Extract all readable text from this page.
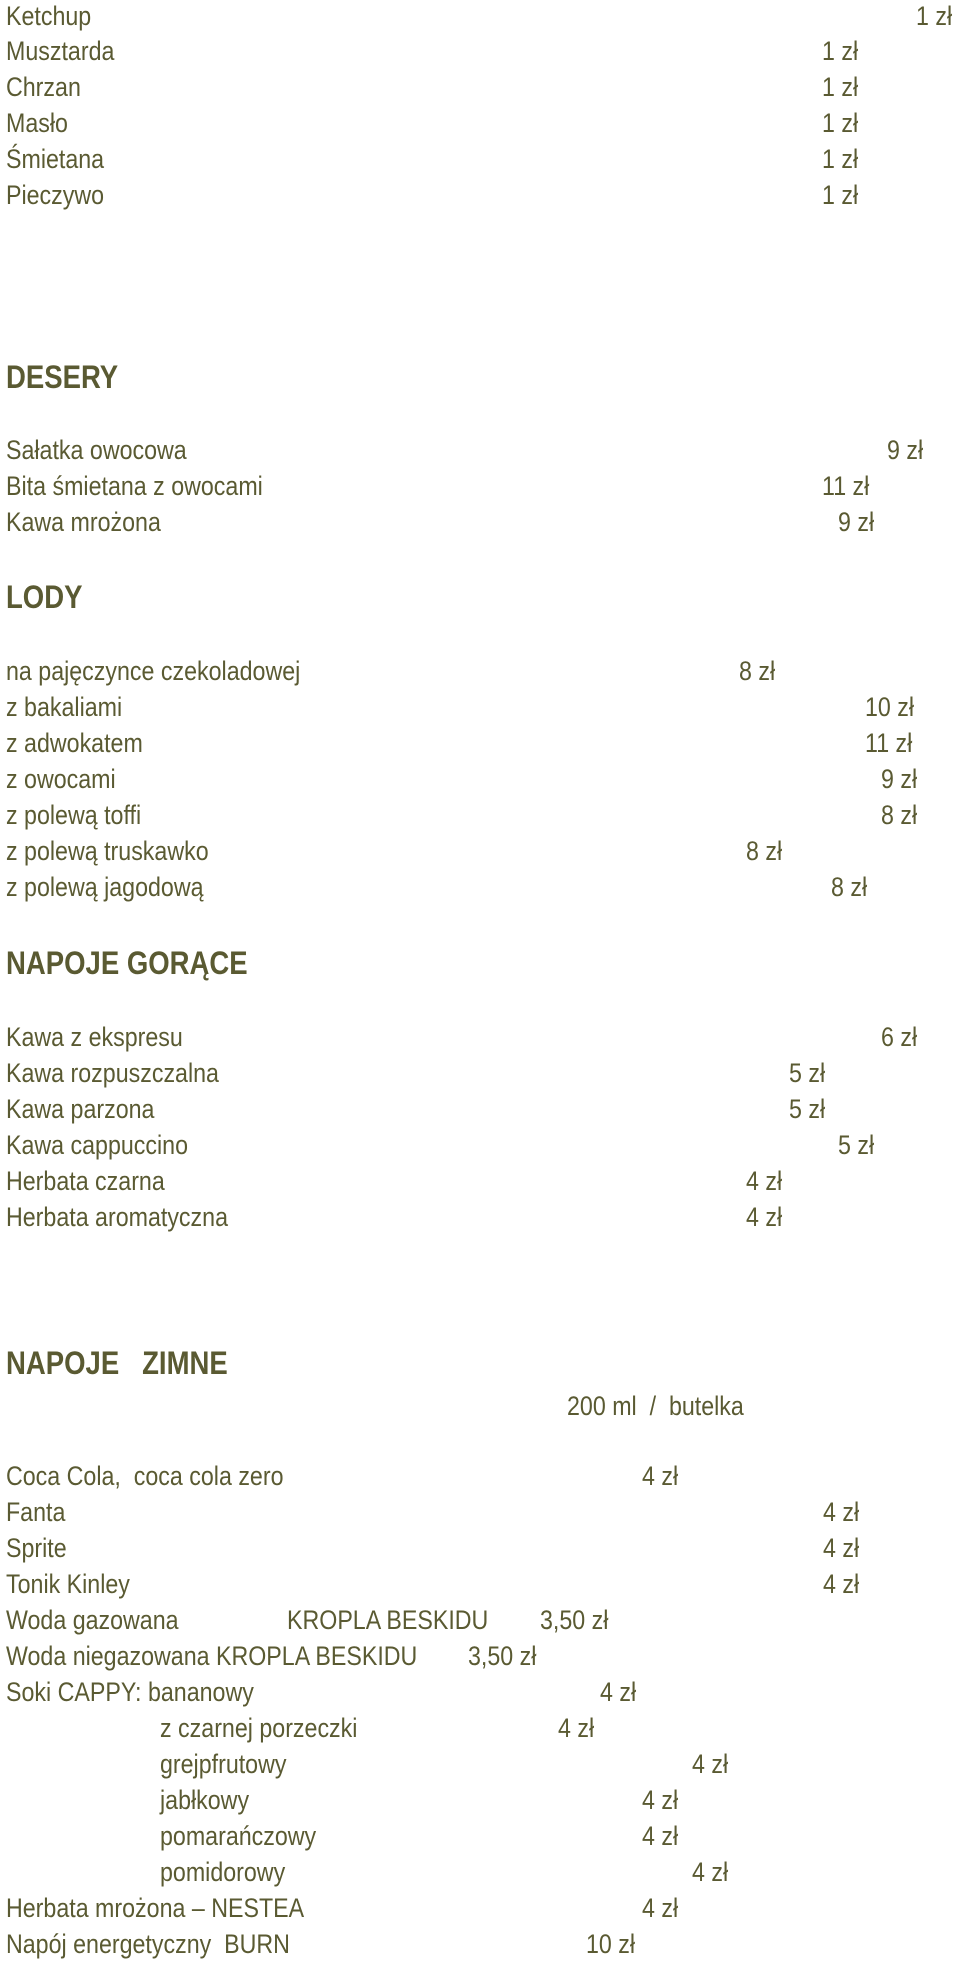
Ketchup	1 zł
Musztarda	1 zł
Chrzan	1 zł
Masło	1 zł
Śmietana	1 zł
Pieczywo	1 zł
DESERY
Sałatka owocowa	9 zł
Bita śmietana z owocami	11 zł
Kawa mrożona	9 zł
LODY
na pajęczynce czekoladowej	8 zł
z bakaliami	10 zł
z adwokatem	11 zł
z owocami	9 zł
z polewą toffi	8 zł
z polewą truskawko	8 zł
z polewą jagodową	8 zł
NAPOJE GORĄCE
Kawa z ekspresu	6 zł
Kawa rozpuszczalna	5 zł
Kawa parzona	5 zł
Kawa cappuccino	5 zł
Herbata czarna	4 zł
Herbata aromatyczna	4 zł
NAPOJE   ZIMNE
200 ml  /  butelka
Coca Cola,  coca cola zero	4 zł
Fanta	4 zł
Sprite	4 zł
Tonik Kinley	4 zł
Woda gazowana	KROPLA BESKIDU 3,50 zł
Woda niegazowana KROPLA BESKIDU 3,50 zł
Soki CAPPY: bananowy	4 zł
z czarnej porzeczki	4 zł
grejpfrutowy	4 zł
jabłkowy	4 zł
pomarańczowy	4 zł
pomidorowy	4 zł
Herbata mrożona – NESTEA	4 zł
Napój energetyczny  BURN	10 zł
